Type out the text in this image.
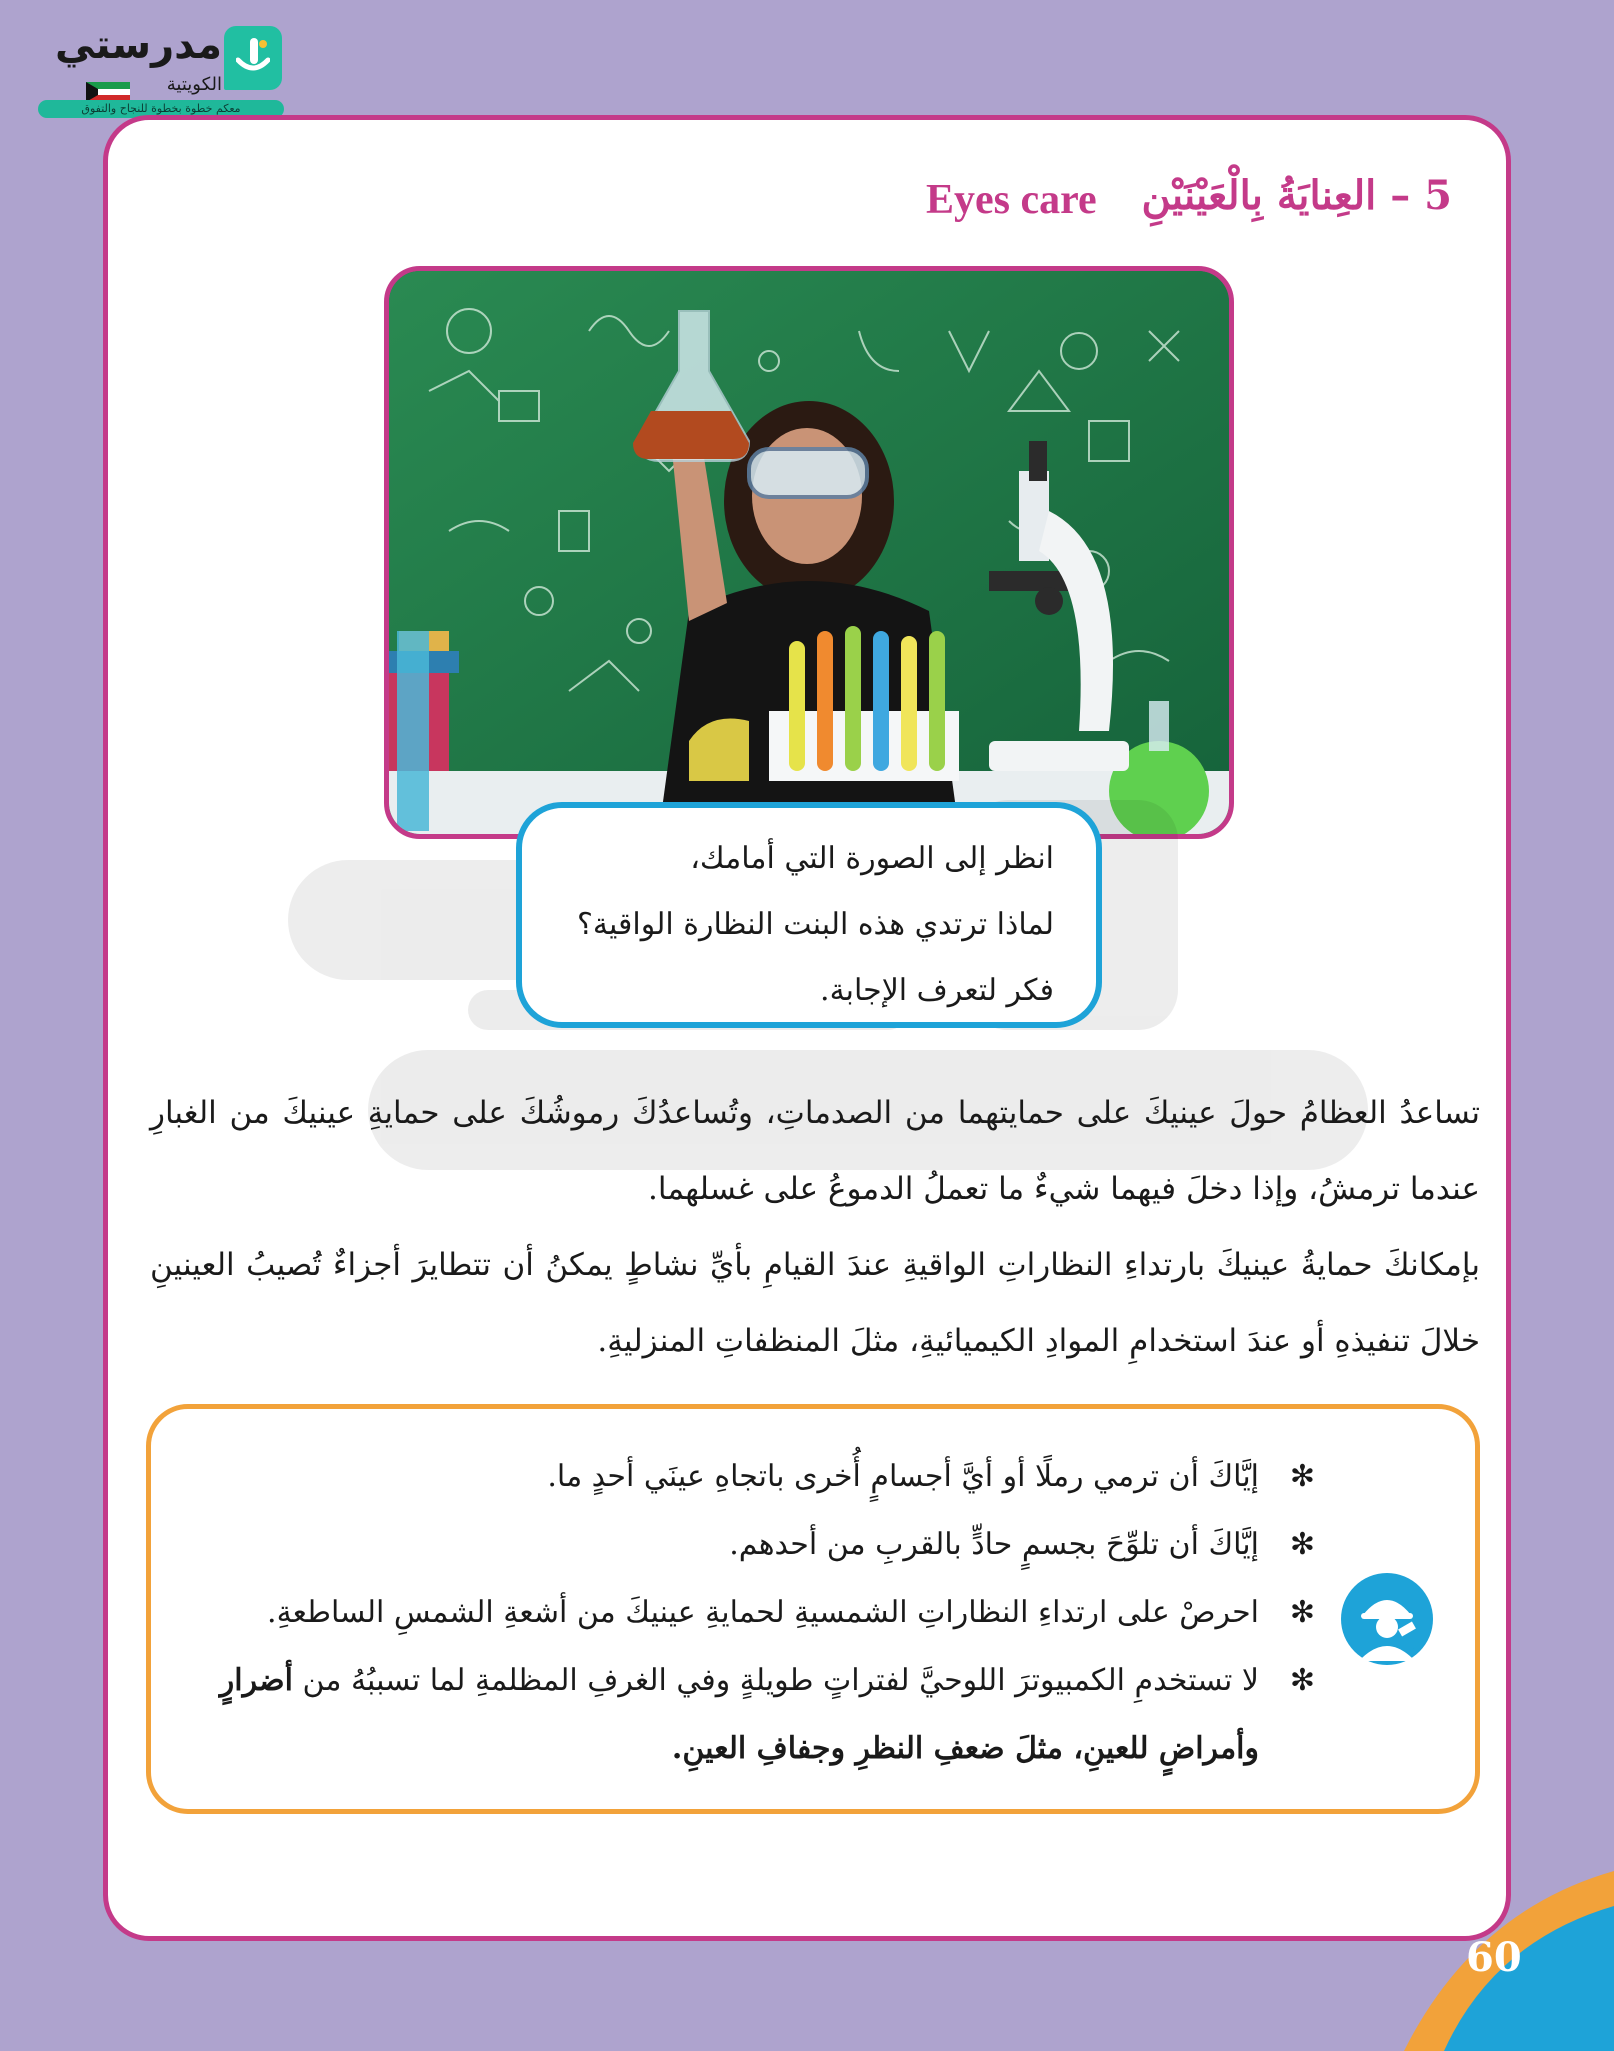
مدرستي
الكويتية
معكم خطوة بخطوة للنجاح والتفوق
5 – العِنايَةُ بِالْعَيْنَيْنِ
Eyes care

انظر إلى الصورة التي أمامك،

لماذا ترتدي هذه البنت النظارة الواقية؟

فكر لتعرف الإجابة.

تساعدُ العظامُ حولَ عينيكَ على حمايتهما من الصدماتِ، وتُساعدُكَ رموشُكَ على حمايةِ عينيكَ من الغبارِ عندما ترمشُ، وإذا دخلَ فيهما شيءٌ ما تعملُ الدموعُ على غسلهما.

بإمكانكَ حمايةُ عينيكَ بارتداءِ النظاراتِ الواقيةِ عندَ القيامِ بأيِّ نشاطٍ يمكنُ أن تتطايرَ أجزاءٌ تُصيبُ العينينِ خلالَ تنفيذهِ أو عندَ استخدامِ الموادِ الكيميائيةِ، مثلَ المنظفاتِ المنزليةِ.

✻
إيَّاكَ أن ترمي رملًا أو أيَّ أجسامٍ أُخرى باتجاهِ عينَي أحدٍ ما.
✻
إيَّاكَ أن تلوِّحَ بجسمٍ حادٍّ بالقربِ من أحدهم.
✻
احرصْ على ارتداءِ النظاراتِ الشمسيةِ لحمايةِ عينيكَ من أشعةِ الشمسِ الساطعةِ.
✻
لا تستخدمِ الكمبيوترَ اللوحيَّ لفتراتٍ طويلةٍ وفي الغرفِ المظلمةِ لما تسببُهُ من أضرارٍ وأمراضٍ للعينِ، مثلَ ضعفِ النظرِ وجفافِ العينِ.
60
